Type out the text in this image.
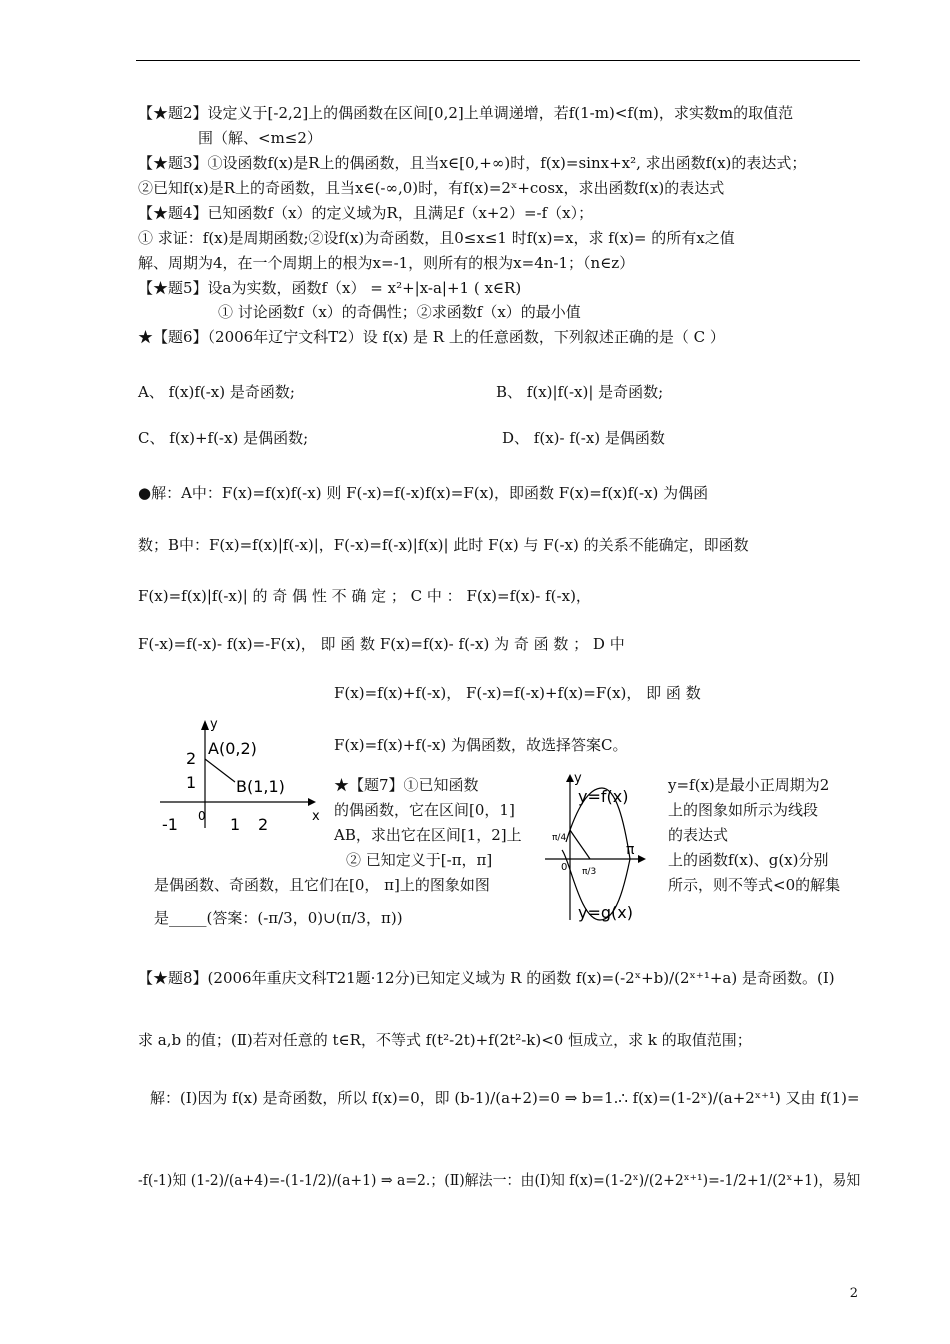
【★题2】设定义于[-2,2]上的偶函数在区间[0,2]上单调递增，若f(1-m)<f(m)，求实数m的取值范
围（解、<m≤2）
【★题3】①设函数f(x)是R上的偶函数，且当x∈[0,+∞)时，f(x)=sinx+x², 求出函数f(x)的表达式；
②已知f(x)是R上的奇函数，且当x∈(-∞,0)时，有f(x)=2ˣ+cosx，求出函数f(x)的表达式
【★题4】已知函数f（x）的定义域为R，且满足f（x+2）=-f（x）；
① 求证：f(x)是周期函数;②设f(x)为奇函数，且0≤x≤1 时f(x)=x，求 f(x)= 的所有x之值
解、周期为4，在一个周期上的根为x=-1，则所有的根为x=4n-1；（n∈z）
【★题5】设a为实数，函数f（x） = x²+|x-a|+1 ( x∈R)
① 讨论函数f（x）的奇偶性；②求函数f（x）的最小值
★【题6】（2006年辽宁文科T2）设 f(x) 是 R 上的任意函数，下列叙述正确的是（ C ）
A、 f(x)f(-x) 是奇函数;	B、 f(x)|f(-x)| 是奇函数;
C、 f(x)+f(-x) 是偶函数;	D、 f(x)- f(-x) 是偶函数
●解：A中：F(x)=f(x)f(-x) 则 F(-x)=f(-x)f(x)=F(x)，即函数 F(x)=f(x)f(-x) 为偶函
数；B中：F(x)=f(x)|f(-x)|，F(-x)=f(-x)|f(x)| 此时 F(x) 与 F(-x) 的关系不能确定，即函数
F(x)=f(x)|f(-x)| 的 奇 偶 性 不 确 定 ； C 中 ： F(x)=f(x)- f(-x)，
F(-x)=f(-x)- f(x)=-F(x)， 即 函 数 F(x)=f(x)- f(-x) 为 奇 函 数 ； D 中
F(x)=f(x)+f(-x)， F(-x)=f(-x)+f(x)=F(x)， 即 函 数
F(x)=f(x)+f(-x) 为偶函数，故选择答案C。
★【题7】①已知函数	y=f(x)是最小正周期为2
的偶函数，它在区间[0，1]	上的图象如所示为线段
AB，求出它在区间[1，2]上	的表达式
② 已知定义于[-π，π]	上的函数f(x)、g(x)分别
是偶函数、奇函数，且它们在[0， π]上的图象如图	所示，则不等式<0的解集
是_____(答案：(-π/3，0)∪(π/3，π))
【★题8】(2006年重庆文科T21题·12分)已知定义域为 R 的函数 f(x)=(-2ˣ+b)/(2ˣ⁺¹+a) 是奇函数。(Ⅰ)
求 a,b 的值；(Ⅱ)若对任意的 t∈R，不等式 f(t²-2t)+f(2t²-k)<0 恒成立，求 k 的取值范围；
解：(Ⅰ)因为 f(x) 是奇函数，所以 f(x)=0，即 (b-1)/(a+2)=0 ⇒ b=1.∴ f(x)=(1-2ˣ)/(a+2ˣ⁺¹) 又由 f(1)=
-f(-1)知 (1-2)/(a+4)=-(1-1/2)/(a+1) ⇒ a=2.；(Ⅱ)解法一：由(Ⅰ)知 f(x)=(1-2ˣ)/(2+2ˣ⁺¹)=-1/2+1/(2ˣ+1)，易知
y
x
2
1
-1 0 1 2
A(0,2)
B(1,1)	y
y=f(x)
y=g(x)
π/4
π/3
0
π
2
